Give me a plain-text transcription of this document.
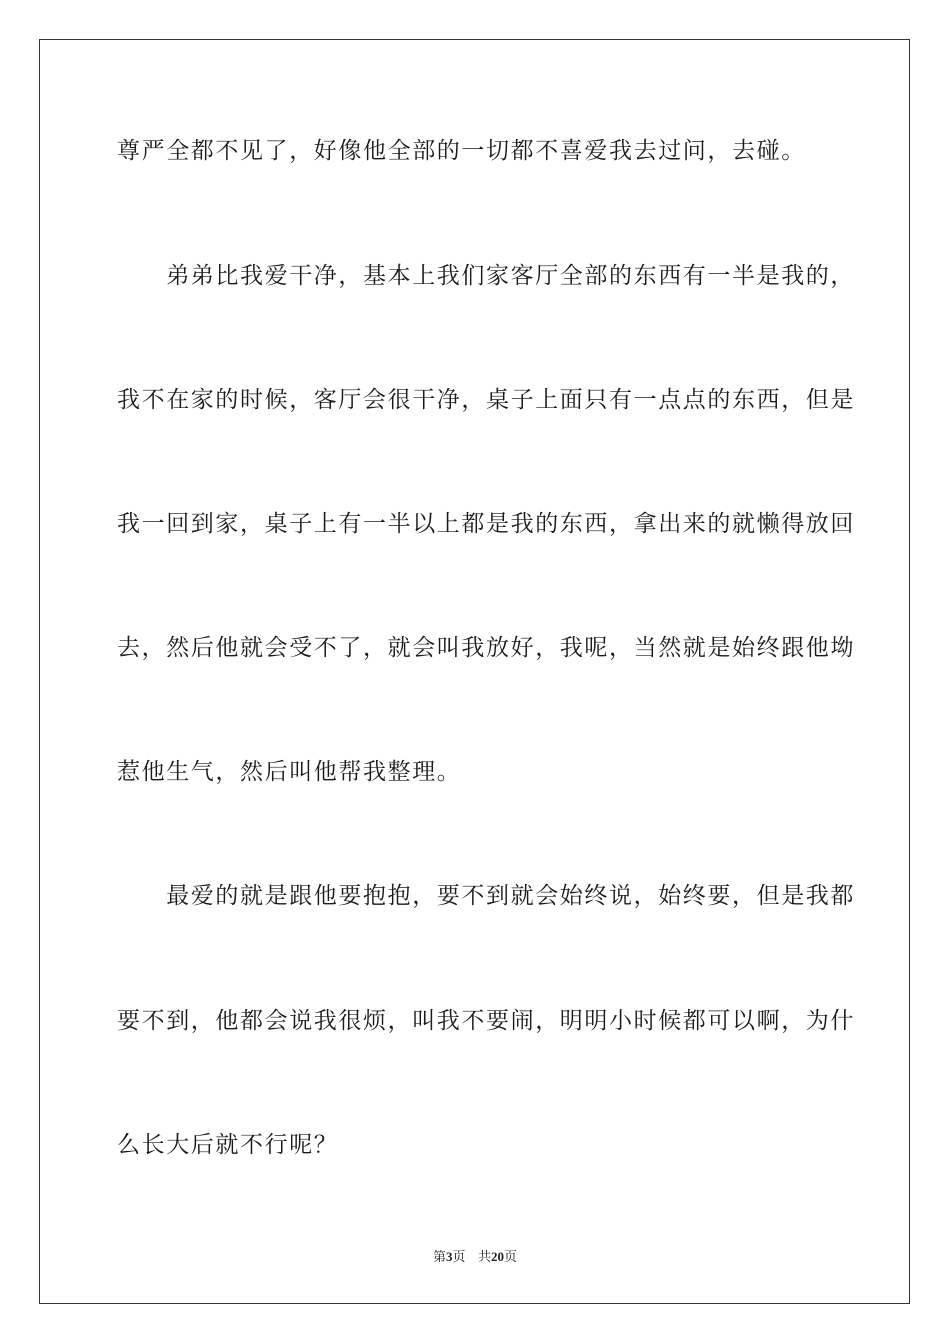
尊严全都不见了，好像他全部的一切都不喜爱我去过问，去碰。
　　弟弟比我爱干净，基本上我们家客厅全部的东西有一半是我的，
我不在家的时候，客厅会很干净，桌子上面只有一点点的东西，但是
我一回到家，桌子上有一半以上都是我的东西，拿出来的就懒得放回
去，然后他就会受不了，就会叫我放好，我呢，当然就是始终跟他坳
惹他生气，然后叫他帮我整理。
　　最爱的就是跟他要抱抱，要不到就会始终说，始终要，但是我都
要不到，他都会说我很烦，叫我不要闹，明明小时候都可以啊，为什
么长大后就不行呢？
第3页 共20页
